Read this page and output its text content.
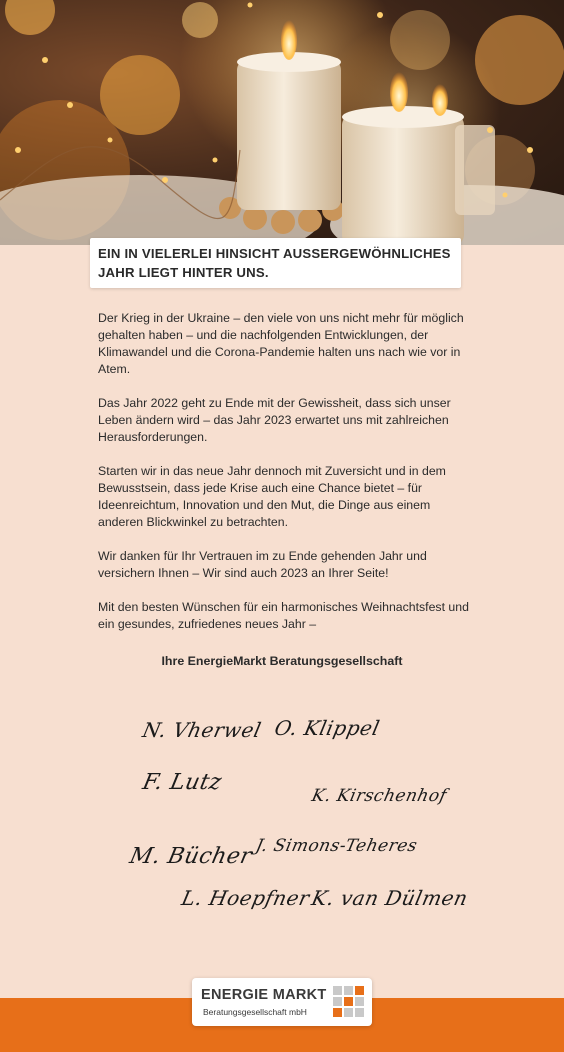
EIN IN VIELERLEI HINSICHT AUSSERGEWÖHNLICHES
JAHR LIEGT HINTER UNS.

Der Krieg in der Ukraine – den viele von uns nicht mehr für möglich gehalten haben – und die nachfolgenden Entwicklungen, der Klimawandel und die Corona-Pandemie halten uns nach wie vor in Atem.

Das Jahr 2022 geht zu Ende mit der Gewissheit, dass sich unser Leben ändern wird – das Jahr 2023 erwartet uns mit zahlreichen Herausforderungen.

Starten wir in das neue Jahr dennoch mit Zuversicht und in dem Bewusstsein, dass jede Krise auch eine Chance bietet – für Ideenreichtum, Innovation und den Mut, die Dinge aus einem anderen Blickwinkel zu betrachten.

Wir danken für Ihr Vertrauen im zu Ende gehenden Jahr und versichern Ihnen – Wir sind auch 2023 an Ihrer Seite!

Mit den besten Wünschen für ein harmonisches Weihnachtsfest und ein gesundes, zufriedenes neues Jahr –

Ihre EnergieMarkt Beratungsgesellschaft
N. Vherwel O. Klippel
F. Lutz
K. Kirschenhof
M. Bücher J. Simons-Teheres
L. Hoepfner
K. van Dülmen
ENERGIE MARKT
Beratungsgesellschaft mbH
